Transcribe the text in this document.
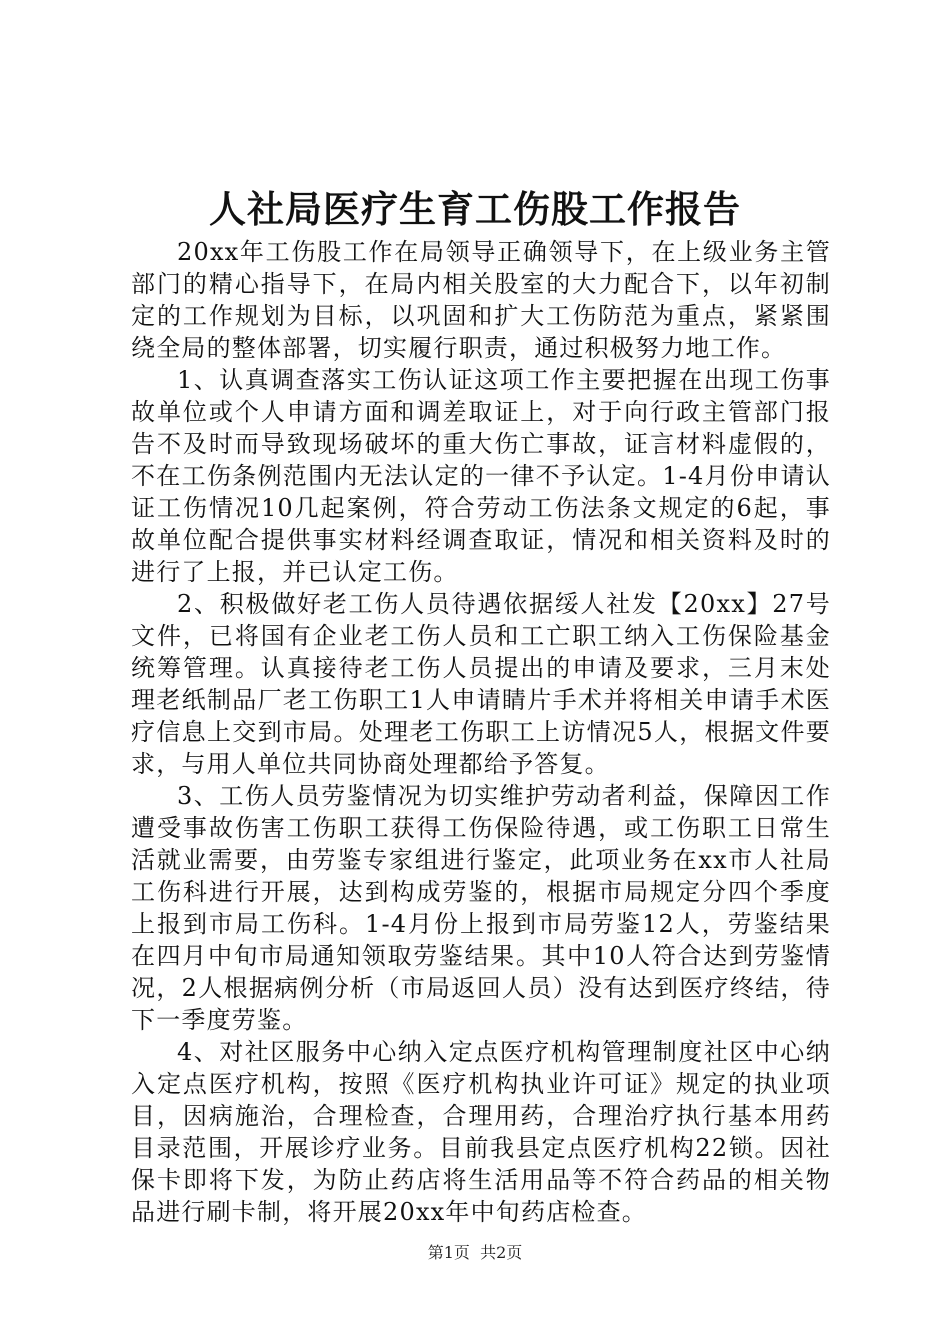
人社局医疗生育工伤股工作报告

20xx年工伤股工作在局领导正确领导下，在上级业务主管部门的精心指导下，在局内相关股室的大力配合下，以年初制定的工作规划为目标，以巩固和扩大工伤防范为重点，紧紧围绕全局的整体部署，切实履行职责，通过积极努力地工作。

1、认真调查落实工伤认证这项工作主要把握在出现工伤事故单位或个人申请方面和调差取证上，对于向行政主管部门报告不及时而导致现场破坏的重大伤亡事故，证言材料虚假的，不在工伤条例范围内无法认定的一律不予认定。1-4月份申请认证工伤情况10几起案例，符合劳动工伤法条文规定的6起，事故单位配合提供事实材料经调查取证，情况和相关资料及时的进行了上报，并已认定工伤。

2、积极做好老工伤人员待遇依据绥人社发【20xx】27号文件，已将国有企业老工伤人员和工亡职工纳入工伤保险基金统筹管理。认真接待老工伤人员提出的申请及要求，三月末处理老纸制品厂老工伤职工1人申请睛片手术并将相关申请手术医疗信息上交到市局。处理老工伤职工上访情况5人，根据文件要求，与用人单位共同协商处理都给予答复。

3、工伤人员劳鉴情况为切实维护劳动者利益，保障因工作遭受事故伤害工伤职工获得工伤保险待遇，或工伤职工日常生活就业需要，由劳鉴专家组进行鉴定，此项业务在xx市人社局工伤科进行开展，达到构成劳鉴的，根据市局规定分四个季度上报到市局工伤科。1-4月份上报到市局劳鉴12人，劳鉴结果在四月中旬市局通知领取劳鉴结果。其中10人符合达到劳鉴情况，2人根据病例分析（市局返回人员）没有达到医疗终结，待下一季度劳鉴。

4、对社区服务中心纳入定点医疗机构管理制度社区中心纳入定点医疗机构，按照《医疗机构执业许可证》规定的执业项目，因病施治，合理检查，合理用药，合理治疗执行基本用药目录范围，开展诊疗业务。目前我县定点医疗机构22锁。因社保卡即将下发，为防止药店将生活用品等不符合药品的相关物品进行刷卡制，将开展20xx年中旬药店检查。

第1页 共2页
